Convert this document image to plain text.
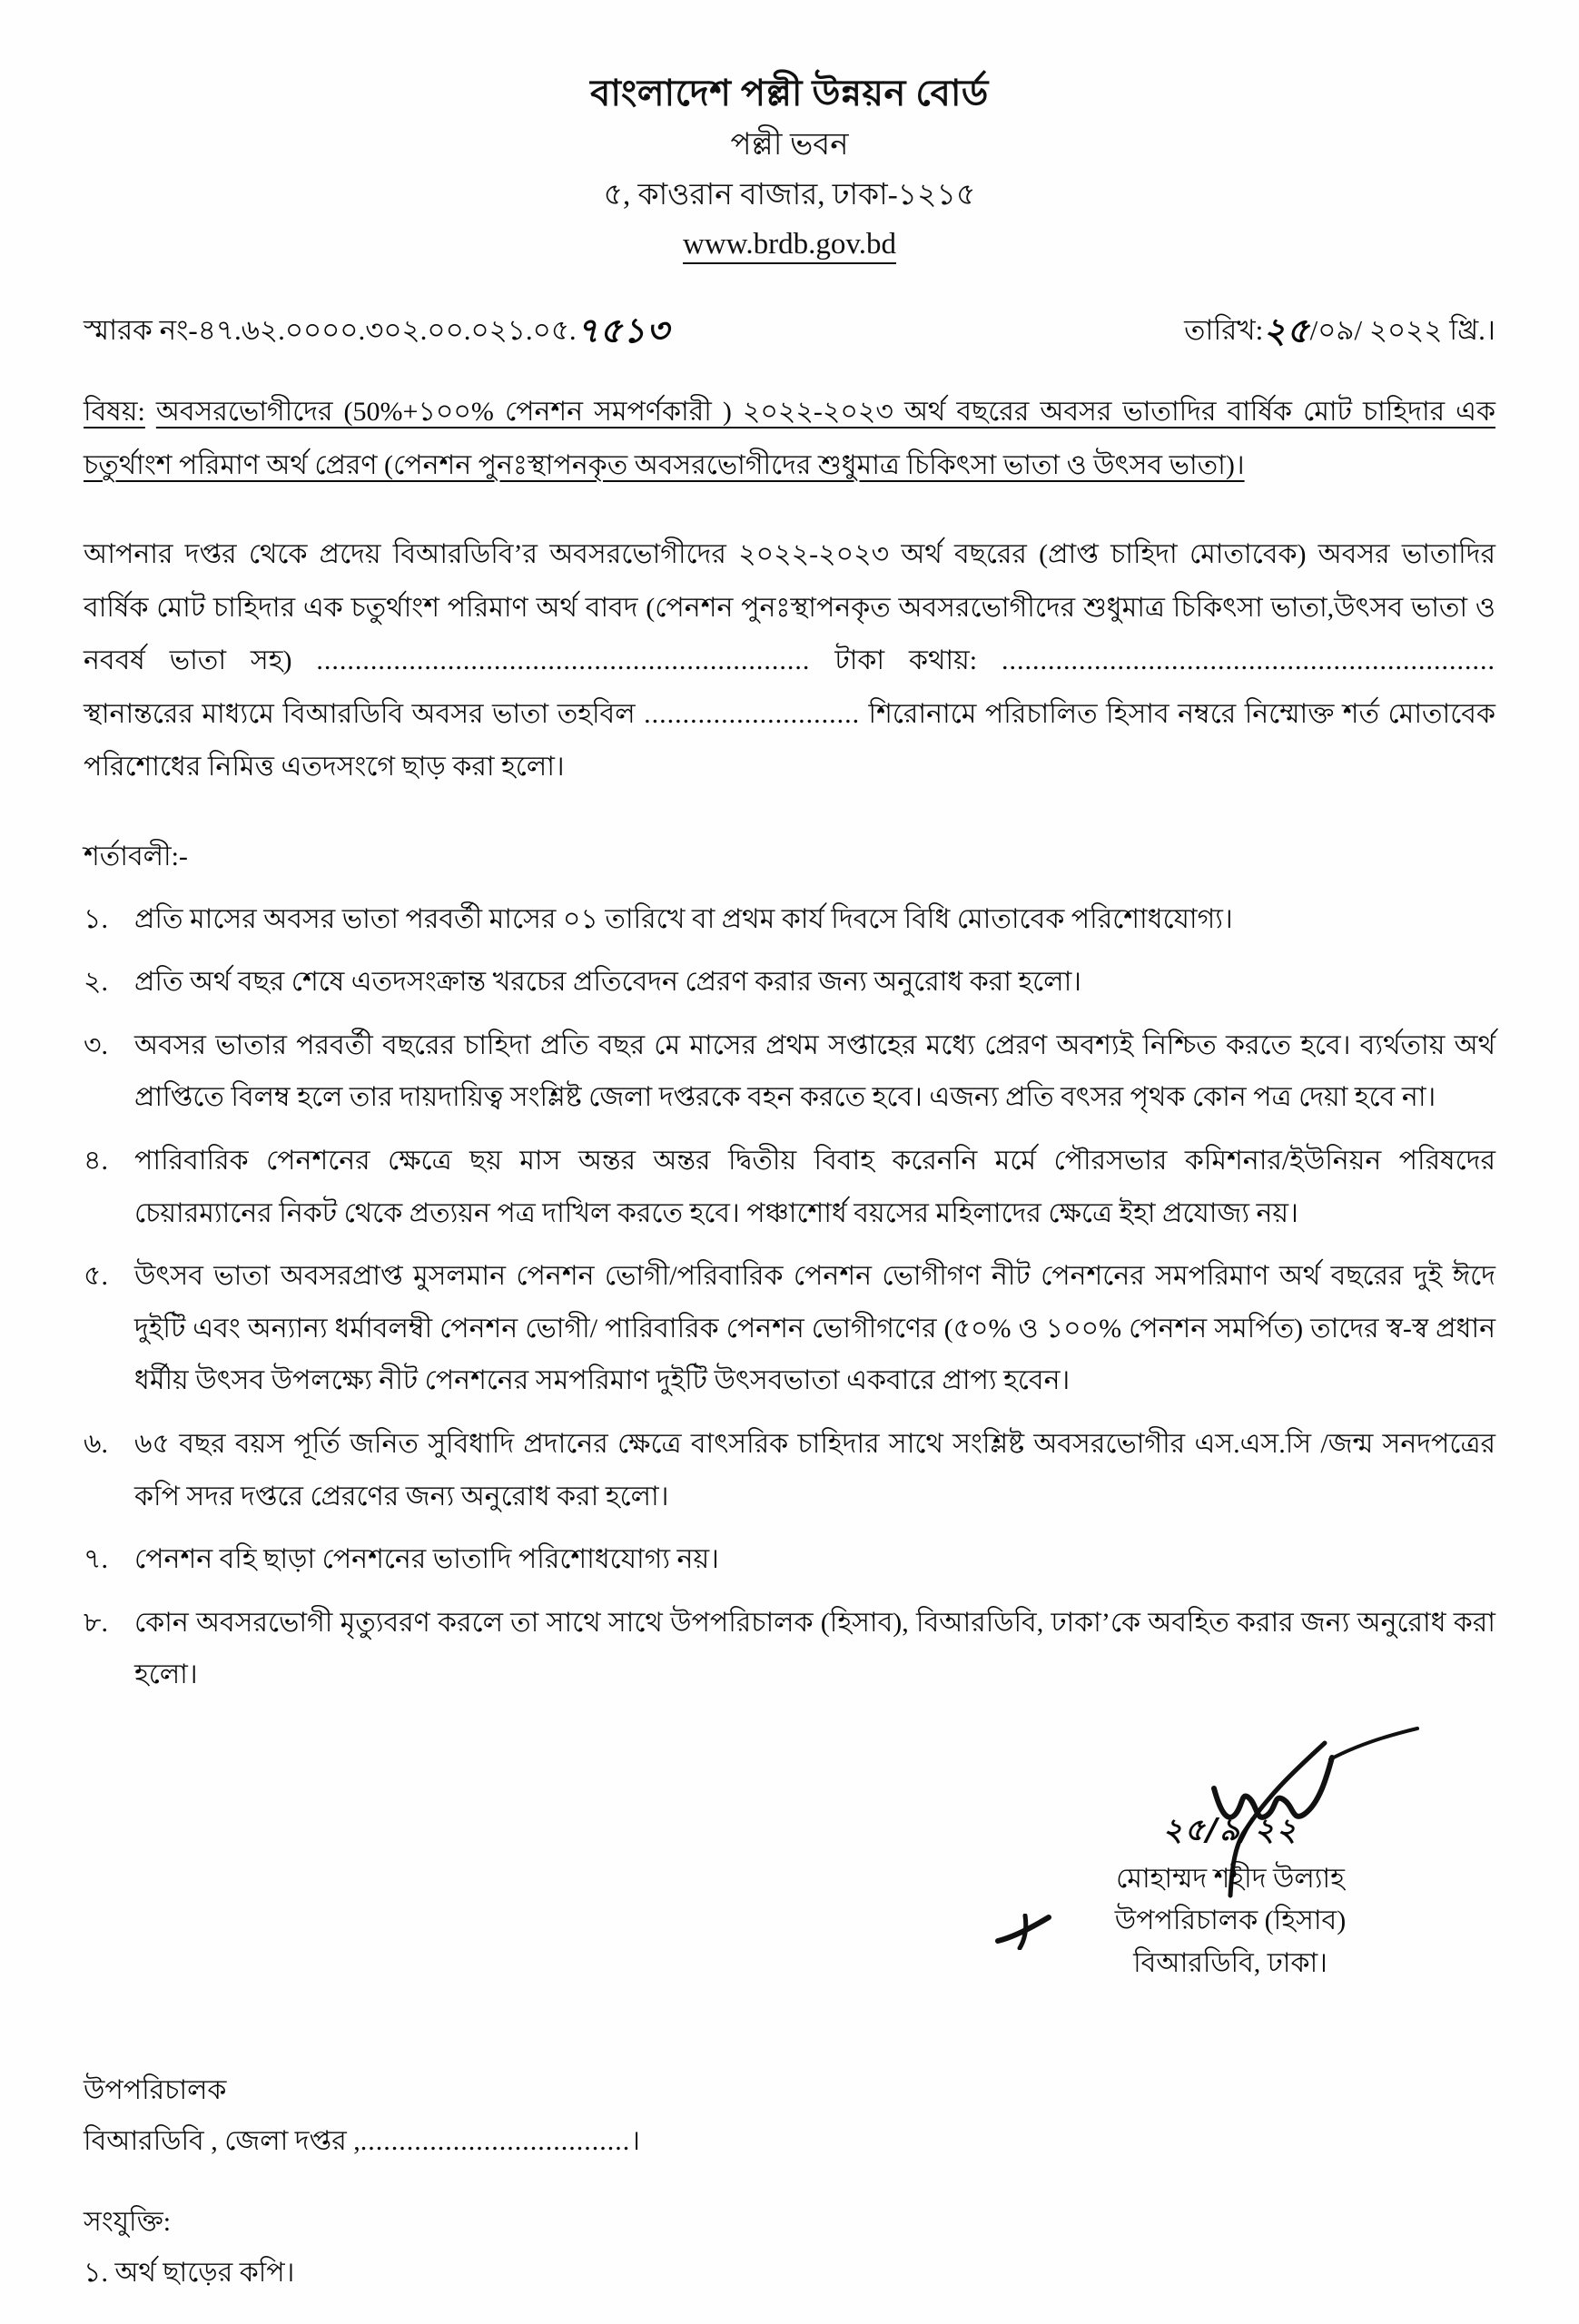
বাংলাদেশ পল্লী উন্নয়ন বোর্ড
পল্লী ভবন
৫, কাওরান বাজার, ঢাকা-১২১৫
www.brdb.gov.bd
স্মারক নং-৪৭.৬২.০০০০.৩০২.০০.০২১.০৫.৭৫১৩	তারিখ:২৫/০৯/ ২০২২ খ্রি.।
বিষয়: অবসরভোগীদের (50%+১০০% পেনশন সমপর্ণকারী ) ২০২২-২০২৩ অর্থ বছরের অবসর ভাতাদির বার্ষিক মোট চাহিদার এক চতুর্থাংশ পরিমাণ অর্থ প্রেরণ (পেনশন পুনঃস্থাপনকৃত অবসরভোগীদের শুধুমাত্র চিকিৎসা ভাতা ও উৎসব ভাতা)।
আপনার দপ্তর থেকে প্রদেয় বিআরডিবি’র অবসরভোগীদের ২০২২-২০২৩ অর্থ বছরের (প্রাপ্ত চাহিদা মোতাবেক) অবসর ভাতাদির বার্ষিক মোট চাহিদার এক চতুর্থাংশ পরিমাণ অর্থ বাবদ (পেনশন পুনঃস্থাপনকৃত অবসরভোগীদের শুধুমাত্র চিকিৎসা ভাতা,উৎসব ভাতা ও নববর্ষ ভাতা সহ) ................................................................ টাকা কথায়: ................................................................ স্থানান্তরের মাধ্যমে বিআরডিবি অবসর ভাতা তহবিল ............................ শিরোনামে পরিচালিত হিসাব নম্বরে নিম্মোক্ত শর্ত মোতাবেক পরিশোধের নিমিত্ত এতদসংগে ছাড় করা হলো।
শর্তাবলী:-
১. প্রতি মাসের অবসর ভাতা পরবর্তী মাসের ০১ তারিখে বা প্রথম কার্য দিবসে বিধি মোতাবেক পরিশোধযোগ্য।
২. প্রতি অর্থ বছর শেষে এতদসংক্রান্ত খরচের প্রতিবেদন প্রেরণ করার জন্য অনুরোধ করা হলো।
৩. অবসর ভাতার পরবর্তী বছরের চাহিদা প্রতি বছর মে মাসের প্রথম সপ্তাহের মধ্যে প্রেরণ অবশ্যই নিশ্চিত করতে হবে। ব্যর্থতায় অর্থ প্রাপ্তিতে বিলম্ব হলে তার দায়দায়িত্ব সংশ্লিষ্ট জেলা দপ্তরকে বহন করতে হবে। এজন্য প্রতি বৎসর পৃথক কোন পত্র দেয়া হবে না।
৪. পারিবারিক পেনশনের ক্ষেত্রে ছয় মাস অন্তর অন্তর দ্বিতীয় বিবাহ করেননি মর্মে পৌরসভার কমিশনার/ইউনিয়ন পরিষদের চেয়ারম্যানের নিকট থেকে প্রত্যয়ন পত্র দাখিল করতে হবে। পঞ্চাশোর্ধ বয়সের মহিলাদের ক্ষেত্রে ইহা প্রযোজ্য নয়।
৫. উৎসব ভাতা অবসরপ্রাপ্ত মুসলমান পেনশন ভোগী/পরিবারিক পেনশন ভোগীগণ নীট পেনশনের সমপরিমাণ অর্থ বছরের দুই ঈদে দুইটি এবং অন্যান্য ধর্মাবলম্বী পেনশন ভোগী/ পারিবারিক পেনশন ভোগীগণের (৫০% ও ১০০% পেনশন সমর্পিত) তাদের স্ব-স্ব প্রধান ধর্মীয় উৎসব উপলক্ষ্যে নীট পেনশনের সমপরিমাণ দুইটি উৎসবভাতা একবারে প্রাপ্য হবেন।
৬. ৬৫ বছর বয়স পূর্তি জনিত সুবিধাদি প্রদানের ক্ষেত্রে বাৎসরিক চাহিদার সাথে সংশ্লিষ্ট অবসরভোগীর এস.এস.সি /জন্ম সনদপত্রের কপি সদর দপ্তরে প্রেরণের জন্য অনুরোধ করা হলো।
৭. পেনশন বহি ছাড়া পেনশনের ভাতাদি পরিশোধযোগ্য নয়।
৮. কোন অবসরভোগী মৃত্যুবরণ করলে তা সাথে সাথে উপপরিচালক (হিসাব), বিআরডিবি, ঢাকা’কে অবহিত করার জন্য অনুরোধ করা হলো।
২৫/৯/২২
মোহাম্মদ শহীদ উল্যাহ
উপপরিচালক (হিসাব)
বিআরডিবি, ঢাকা।
উপপরিচালক
বিআরডিবি , জেলা দপ্তর ,...................................।
সংযুক্তি:
১. অর্থ ছাড়ের কপি।
